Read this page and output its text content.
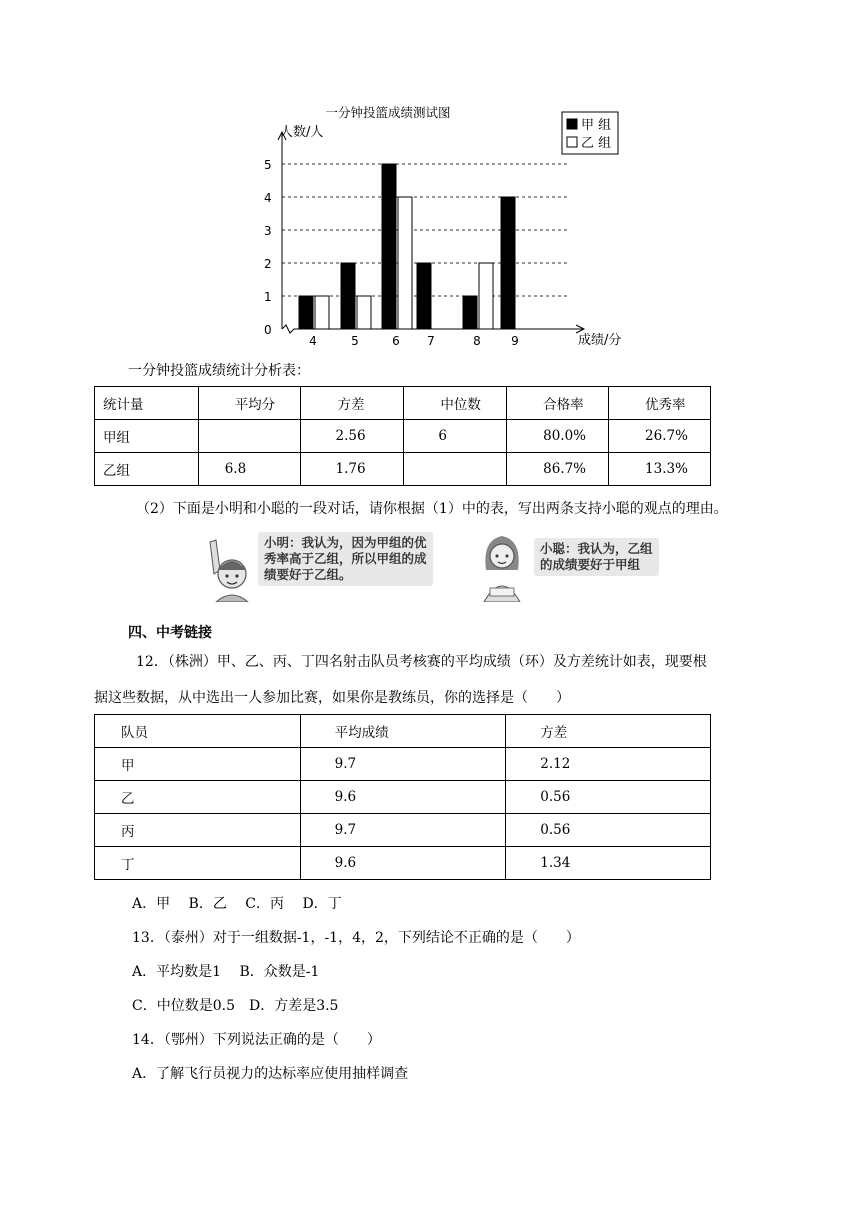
一分钟投篮成绩测试图
人数/人
成绩/分
0
1
2
3
4
5
4	5	6 7	8	9
甲 组
乙 组
一分钟投篮成绩统计分析表：
统计量	平均分	方差	中位数	合格率	优秀率
甲组		2.56	6	80.0%	26.7%
乙组	6.8	1.76		86.7%	13.3%
（2）下面是小明和小聪的一段对话，请你根据（1）中的表，写出两条支持小聪的观点的理由。
小明：我认为，因为甲组的优
秀率高于乙组，所以甲组的成
绩要好于乙组。
小聪：我认为，乙组
的成绩要好于甲组
四、中考链接
12．（株洲）甲、乙、丙、丁四名射击队员考核赛的平均成绩（环）及方差统计如表，现要根
据这些数据，从中选出一人参加比赛，如果你是教练员，你的选择是（　　）
队员	平均成绩	方差
甲	9.7	2.12
乙	9.6	0.56
丙	9.7	0.56
丁	9.6	1.34
A．甲　 B．乙　 C．丙　 D．丁
13．（泰州）对于一组数据-1，-1，4，2，下列结论不正确的是（　　）
A．平均数是1　 B．众数是-1
C．中位数是0.5　D．方差是3.5
14．（鄂州）下列说法正确的是（　　）
A．了解飞行员视力的达标率应使用抽样调查
